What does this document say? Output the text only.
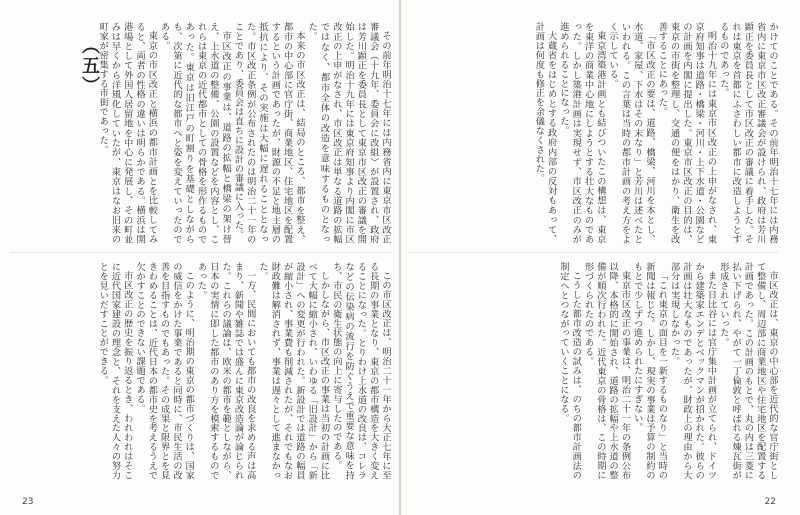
その前年明治十七年には内務省内に東京市区改正審議会（十九年、委員会に改組）が設置され、政府は芳川顕正を委員長として東京市区改正の審議を開始した。明治十九年には東京府知事より内閣に市区改正の上申がなされ、市区改正は単なる道路の拡幅ではなく、都市全体の改造を意味するものとなった。

本来の市区改正は、結局のところ、都市を整え、都市の中心部に官庁街、商業地区、住宅地区を配置するという計画であったが、財源の不足と地主層の抵抗により、その実施は大幅に遅れることとなった。市区改正条例が公布されたのは明治二十一年のことであり、委員会は直ちに設計の審議に入った。

市区改正の事業は、道路の拡幅と橋梁の架け替え、上水道の整備、公園の設置などを内容とし、これらは東京の近代都市としての骨格を形作るものであった。東京は旧江戸の町割りを基礎としながらも、次第に近代的な都市へと姿を変えていったのである。

東京の市区改正と横浜の都市計画とを比較してみると、両者の性格の違いは明らかである。横浜は開港場として外国人居留地を中心に発展し、その町並みは早くから洋風化していたが、東京はなお旧来の町家が密集する市街であった。

（五）

この市区改正は、明治二十一年から大正七年に至る長期の事業となり、東京の都市構造を大きく変えることになった。とりわけ上水道の改良は、コレラなどの伝染病の流行を防ぐうえで重要な意味を持ち、市民の衛生状態の向上に寄与したのである。

しかしながら、市区改正の事業は当初の計画に比べて大幅に縮小され、いわゆる「旧設計」から「新設計」への変更が行われた。新設計では道路の幅員が縮小され、事業費も削減されたが、それでもなお財政難は解消されず、事業は遅々として進まなかった。

一方、民間においても都市の改良を求める声は高まり、新聞や雑誌では盛んに東京改造論が論じられた。これらの議論は、欧米の都市を範としながら、日本の実情に即した都市のあり方を模索するものであった。

このように、明治期の東京の都市づくりは、国家の威信をかけた事業であると同時に、市民生活の改善を目指すものでもあった。その成果と限界とを見きわめることは、近代日本の都市史を考えるうえで欠かすことのできない課題である。

市区改正の歴史を振り返るとき、われわれはそこに近代国家建設の理念と、それを支えた人々の努力とを見いだすことができる。

23

かけてのことである。その前年明治十七年には内務省内に東京市区改正審議会が設けられ、政府は芳川顕正を委員長として市区改正の審議に着手した。それは東京を首都にふさわしい都市に改造しようとするものであった。

明治十九年には東京市区改正の上申がなされ、東京府知事は道路・橋梁・河川・上下水道・公園などの計画を内閣に提出した。東京市区改正の目的は、東京の市街を整理し、交通の便をはかり、衛生を改善することにあった。

「市区改正の要は、道路、橋梁、河川を本とし、水道、家屋、下水はその末なり」と芳川は述べたといわれる。この言葉は当時の都市計画の考え方をよく示している。

東京湾築港計画とも結びついたこの構想は、東京を東洋の商業中心地にしようとする壮大なものであった。しかし築港計画は実現せず、市区改正のみが進められることになった。

大蔵省をはじめとする政府内部の反対もあって、計画は何度も修正を余儀なくされた。

市区改正は、東京の中心部を近代的な官庁街として整備し、周辺部に商業地区や住宅地区を配置する計画であった。この計画のもとで、丸の内は三菱に払い下げられ、やがて一丁倫敦と呼ばれる煉瓦街が形成されていった。

また日比谷には官庁集中計画が立てられ、ドイツから建築家エンデとベックマンが招かれた。彼らの計画は壮大なものであったが、財政上の理由から大部分は実現しなかった。

「これ東京の面目を一新するものなり」と当時の新聞は報じた。しかし、現実の事業は予算の制約のもとで少しずつ進められたにすぎない。

東京市区改正の事業は、明治二十一年の条例公布以降、本格的に開始され、道路の拡幅や上水道の整備が順次行われた。近代東京の骨格は、この時期に形づくられたのである。

こうした都市改造の試みは、のちの都市計画法の制定へとつながっていくことになる。

22
